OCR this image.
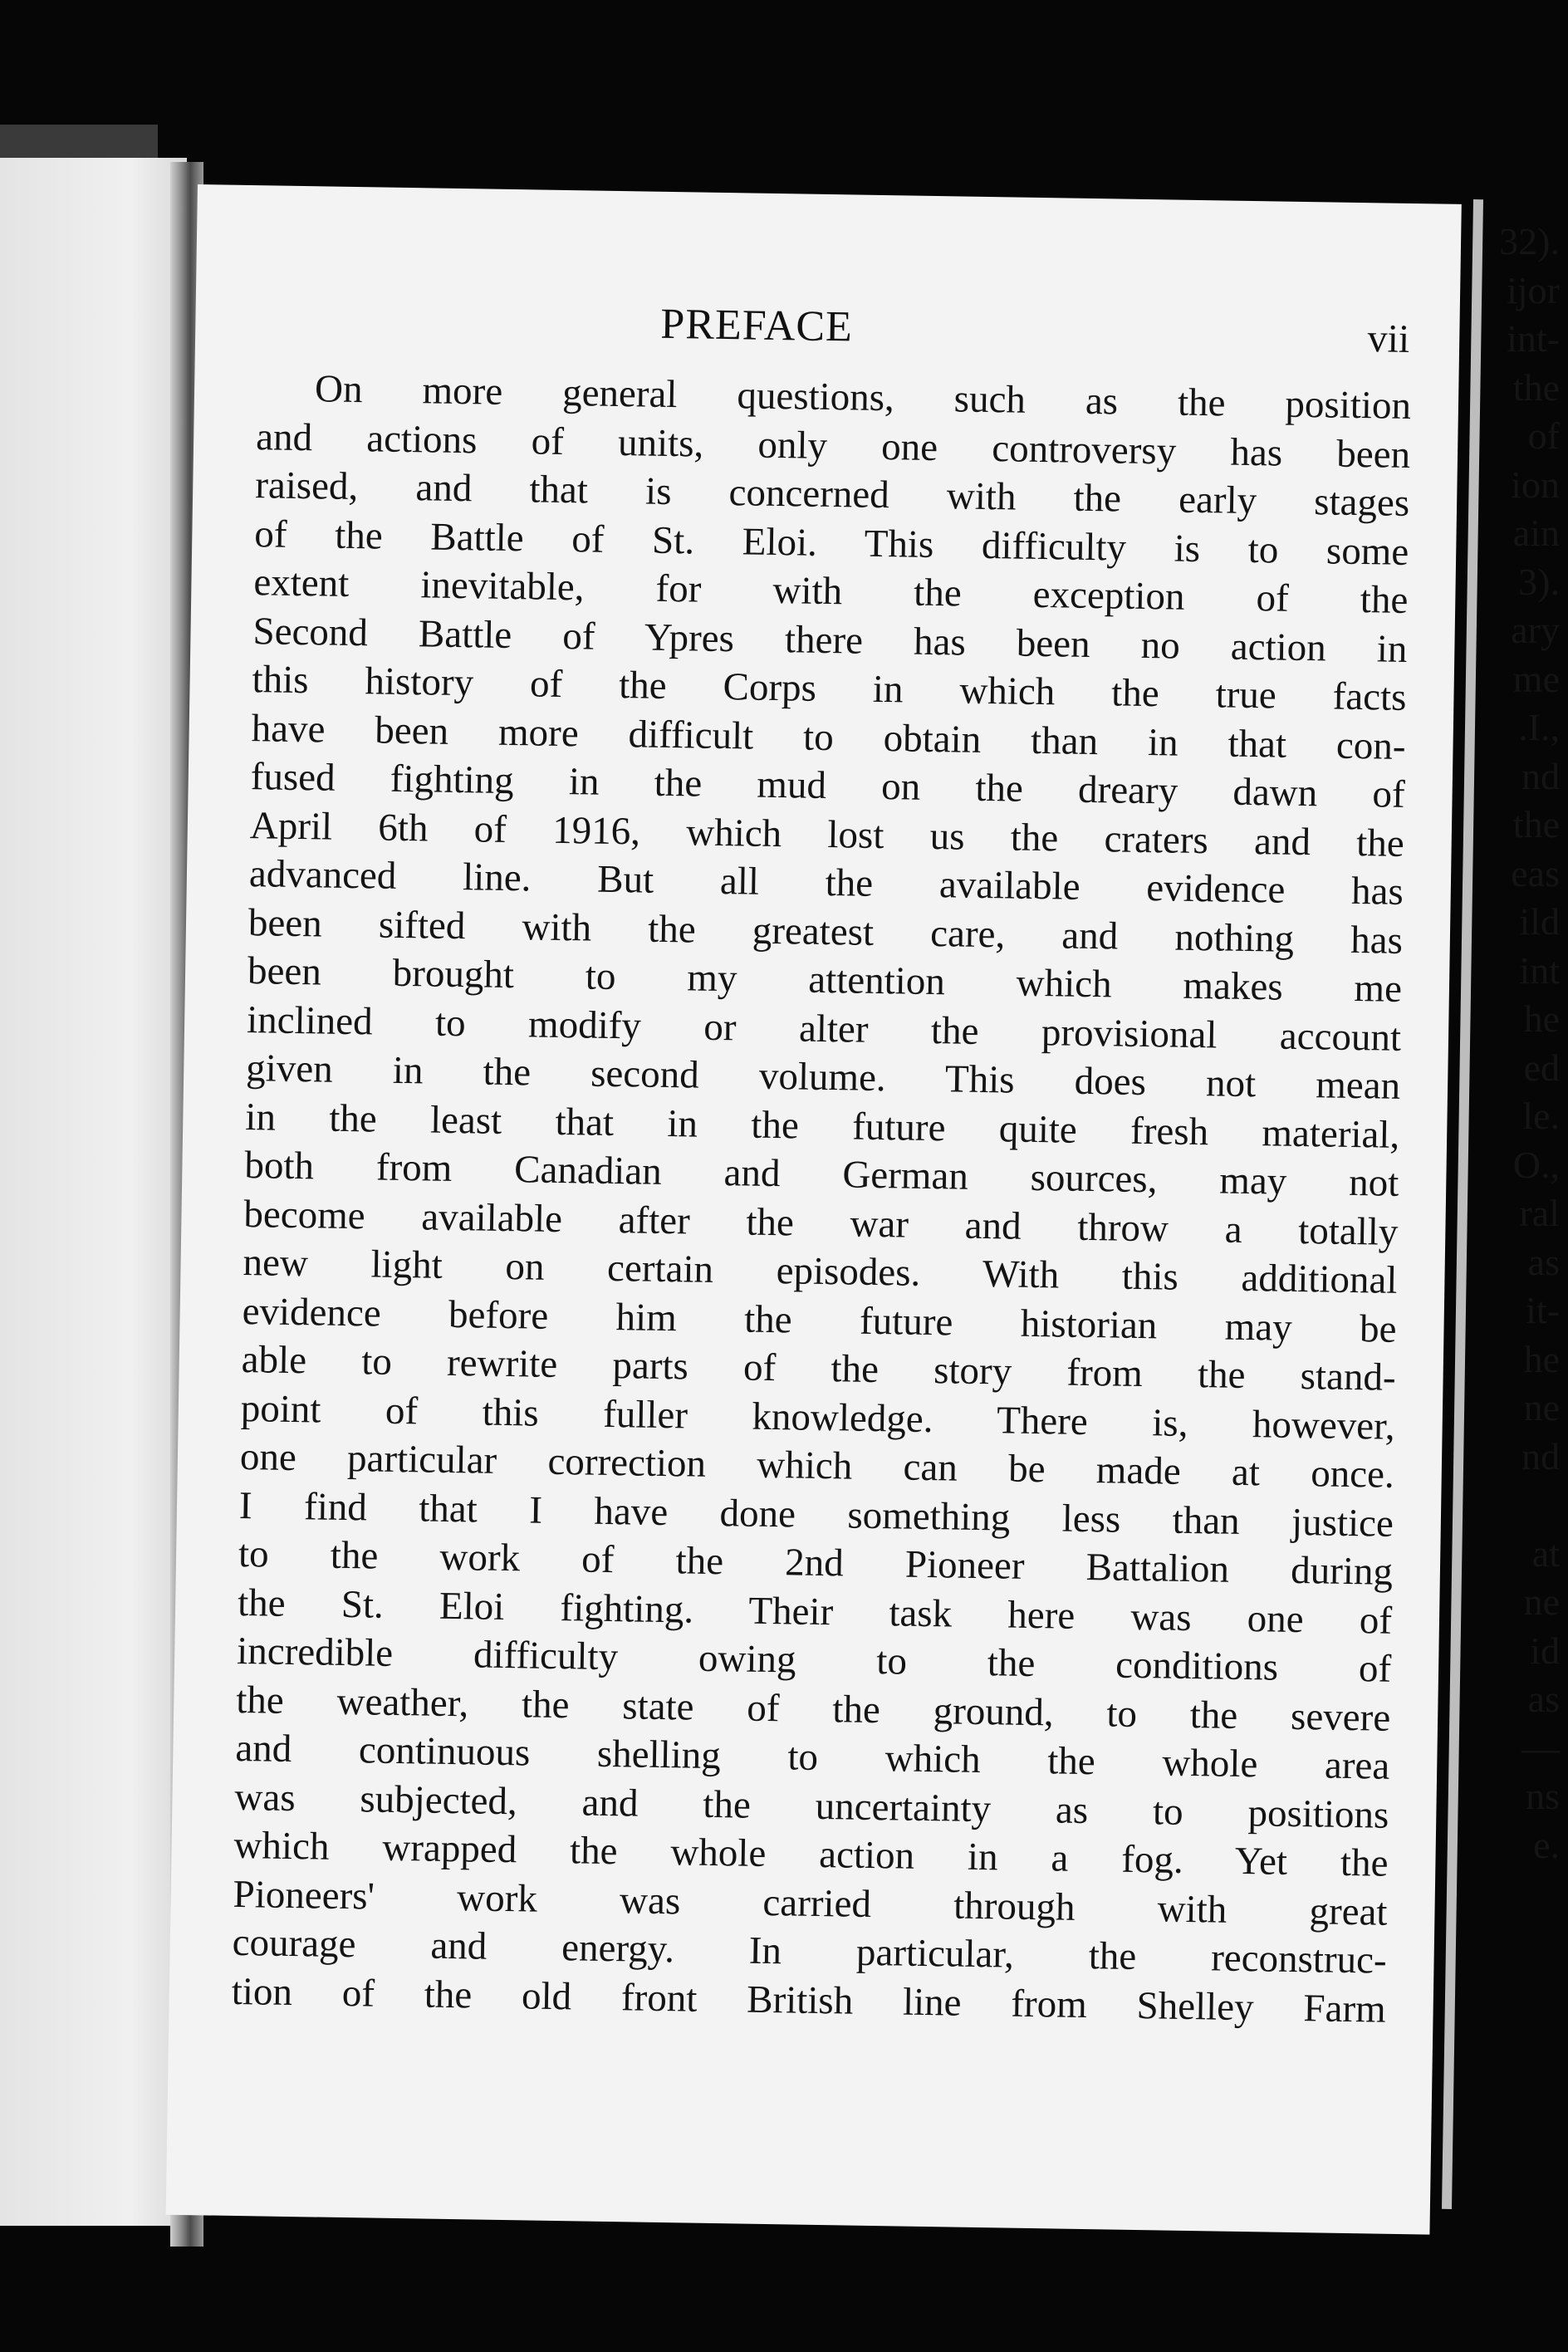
32).
ijor
int-
the
of
ion
ain
3).
ary
me
.I.,
nd
the
eas
ild
int
he
ed
le.
O.,
ral
as
it-
he
ne
nd
at
ne
id
as
—
ns
e.
PREFACE	vii
On more general questions, such as the position
and actions of units, only one controversy has been
raised, and that is concerned with the early stages
of the Battle of St. Eloi. This difficulty is to some
extent inevitable, for with the exception of the
Second Battle of Ypres there has been no action in
this history of the Corps in which the true facts
have been more difficult to obtain than in that con-
fused fighting in the mud on the dreary dawn of
April 6th of 1916, which lost us the craters and the
advanced line. But all the available evidence has
been sifted with the greatest care, and nothing has
been brought to my attention which makes me
inclined to modify or alter the provisional account
given in the second volume. This does not mean
in the least that in the future quite fresh material,
both from Canadian and German sources, may not
become available after the war and throw a totally
new light on certain episodes. With this additional
evidence before him the future historian may be
able to rewrite parts of the story from the stand-
point of this fuller knowledge. There is, however,
one particular correction which can be made at once.
I find that I have done something less than justice
to the work of the 2nd Pioneer Battalion during
the St. Eloi fighting. Their task here was one of
incredible difficulty owing to the conditions of
the weather, the state of the ground, to the severe
and continuous shelling to which the whole area
was subjected, and the uncertainty as to positions
which wrapped the whole action in a fog. Yet the
Pioneers' work was carried through with great
courage and energy. In particular, the reconstruc-
tion of the old front British line from Shelley Farm
